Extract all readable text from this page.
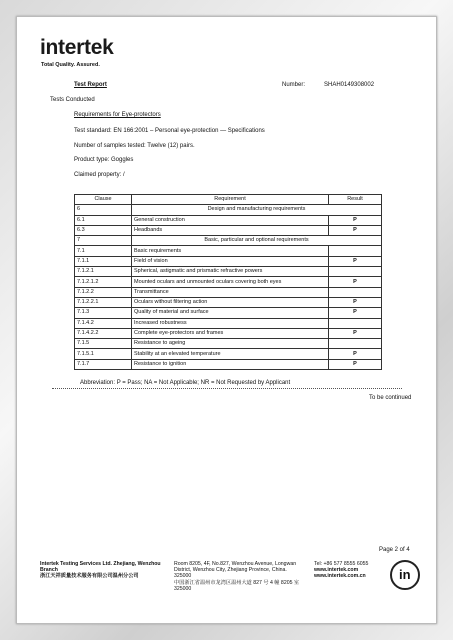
intertek
Total Quality. Assured.
Test Report	Number:	SHAH0149308002
Tests Conducted
Requirements for Eye-protectors
Test standard: EN 166:2001 – Personal eye-protection — Specifications
Number of samples tested: Twelve (12) pairs.
Product type: Goggles
Claimed property: /
Clause	Requirement	Result
6	Design and manufacturing requirements	
6.1	General construction	P
6.3	Headbands	P
7	Basic, particular and optional requirements	
7.1	Basic requirements	
7.1.1	Field of vision	P
7.1.2.1	Spherical, astigmatic and prismatic refractive powers	
7.1.2.1.2	Mounted oculars and unmounted oculars covering both eyes	P
7.1.2.2	Transmittance	
7.1.2.2.1	Oculars without filtering action	P
7.1.3	Quality of material and surface	P
7.1.4.2	Increased robustness	
7.1.4.2.2	Complete eye-protectors and frames	P
7.1.5	Resistance to ageing	
7.1.5.1	Stability at an elevated temperature	P
7.1.7	Resistance to ignition	P
Abbreviation: P = Pass; NA = Not Applicable; NR = Not Requested by Applicant
To be continued
Page 2 of 4
Intertek Testing Services Ltd. Zhejiang, Wenzhou Branch
浙江天祥质量技术服务有限公司温州分公司
Room 8205, 4F, No.827, Wenzhou Avenue, Longwan District, Wenzhou City, Zhejiang Province, China. 325000
中国浙江省温州市龙湾区温州大道 827 号 4 幢 8205 室
325000
Tel: +86 577 8555 6055
www.intertek.com
www.intertek.com.cn	in
